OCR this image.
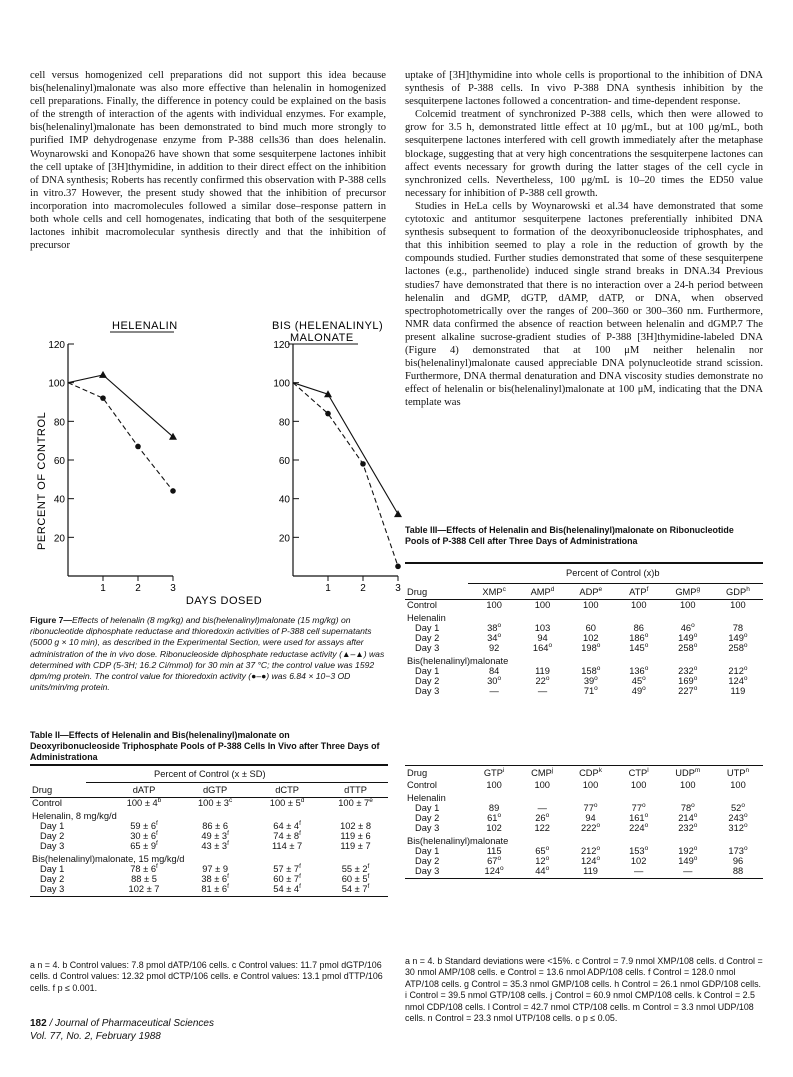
cell versus homogenized cell preparations did not support this idea because bis(helenalinyl)malonate was also more effective than helenalin in homogenized cell preparations. Finally, the difference in potency could be explained on the basis of the strength of interaction of the agents with individual enzymes. For example, bis(helenalinyl)malonate has been demonstrated to bind much more strongly to purified IMP dehydrogenase enzyme from P-388 cells36 than does helenalin. Woynarowski and Konopa26 have shown that some sesquiterpene lactones inhibit the cell uptake of [3H]thymidine, in addition to their direct effect on the inhibition of DNA synthesis; Roberts has recently confirmed this observation with P-388 cells in vitro.37 However, the present study showed that the inhibition of precursor incorporation into macromolecules followed a similar dose–response pattern in both whole cells and cell homogenates, indicating that both of the sesquiterpene lactones inhibit macromolecular synthesis directly and that the inhibition of precursor

HELENALIN	BIS (HELENALINYL)
MALONATE
PERCENT OF CONTROL 20
40
60
80
100
120
1	2	3
20
40
60
80
100
120
1	2	3
DAYS DOSED
Figure 7—Effects of helenalin (8 mg/kg) and bis(helenalinyl)malonate (15 mg/kg) on ribonucleotide diphosphate reductase and thioredoxin activities of P-388 cell supernatants (5000 g × 10 min), as described in the Experimental Section, were used for assays after administration of the in vivo dose. Ribonucleoside diphosphate reductase activity (▲–▲) was determined with CDP (5-3H; 16.2 Ci/mmol) for 30 min at 37 °C; the control value was 1592 dpm/mg protein. The control value for thioredoxin activity (●–●) was 6.84 × 10−3 OD units/min/mg protein.
Table II—Effects of Helenalin and Bis(helenalinyl)malonate on Deoxyribonucleoside Triphosphate Pools of P-388 Cells In Vivo after Three Days of Administrationa
Percent of Control (x ± SD)
Drug	dATP	dGTP	dCTP	dTTP
Control	$100 \pm 4^b$	$100 \pm 3^c$	$100 \pm 5^d$	$100 \pm 7^e$
Helenalin, 8 mg/kg/d				
Day 1	$59 \pm 6^f$	86 ± 6	$64 \pm 4^f$	102 ± 8
Day 2	$30 \pm 6^f$	$49 \pm 3^f$	$74 \pm 8^f$	119 ± 6
Day 3	$65 \pm 9^f$	$43 \pm 3^f$	114 ± 7	119 ± 7
Bis(helenalinyl)malonate, 15 mg/kg/d				
Day 1	$78 \pm 6^f$	97 ± 9	$57 \pm 7^f$	$55 \pm 2^f$
Day 2	88 ± 5	$38 \pm 6^f$	$60 \pm 7^f$	$60 \pm 5^f$
Day 3	102 ± 7	$81 \pm 6^f$	$54 \pm 4^f$	$54 \pm 7^f$
a n = 4. b Control values: 7.8 pmol dATP/106 cells. c Control values: 11.7 pmol dGTP/106 cells. d Control values: 12.32 pmol dCTP/106 cells. e Control values: 13.1 pmol dTTP/106 cells. f p ≤ 0.001.

uptake of [3H]thymidine into whole cells is proportional to the inhibition of DNA synthesis of P-388 cells. In vivo P-388 DNA synthesis inhibition by the sesquiterpene lactones followed a concentration- and time-dependent response.

Colcemid treatment of synchronized P-388 cells, which then were allowed to grow for 3.5 h, demonstrated little effect at 10 μg/mL, but at 100 μg/mL, both sesquiterpene lactones interfered with cell growth immediately after the metaphase blockage, suggesting that at very high concentrations the sesquiterpene lactones can affect events necessary for growth during the latter stages of the cell cycle in synchronized cells. Nevertheless, 100 μg/mL is 10–20 times the ED50 value necessary for inhibition of P-388 cell growth.

Studies in HeLa cells by Woynarowski et al.34 have demonstrated that some cytotoxic and antitumor sesquiterpene lactones preferentially inhibited DNA synthesis subsequent to formation of the deoxyribonucleoside triphosphates, and that this inhibition seemed to play a role in the reduction of growth by the compounds studied. Further studies demonstrated that some of these sesquiterpene lactones (e.g., parthenolide) induced single strand breaks in DNA.34 Previous studies7 have demonstrated that there is no interaction over a 24-h period between helenalin and dGMP, dGTP, dAMP, dATP, or DNA, when observed spectrophotometrically over the ranges of 200–360 or 300–360 nm. Furthermore, NMR data confirmed the absence of reaction between helenalin and dGMP.7 The present alkaline sucrose-gradient studies of P-388 [3H]thymidine-labeled DNA (Figure 4) demonstrated that at 100 μM neither helenalin nor bis(helenalinyl)malonate caused appreciable DNA polynucleotide strand scission. Furthermore, DNA thermal denaturation and DNA viscosity studies demonstrate no effect of helenalin or bis(helenalinyl)malonate at 100 μM, indicating that the DNA template was

Table III—Effects of Helenalin and Bis(helenalinyl)malonate on Ribonucleotide Pools of P-388 Cell after Three Days of Administrationa
Percent of Control (x)b
Drug	XMP$^c$	AMP$^d$	ADP$^e$	ATP$^f$	GMP$^g$	GDP$^h$
Control	100	100	100	100	100	100
Helenalin						
Day 1	38$^o$	103	60	86	46$^o$	78
Day 2	34$^o$	94	102	186$^o$	149$^o$	149$^o$
Day 3	92	164$^o$	198$^o$	145$^o$	258$^o$	258$^o$
Bis(helenalinyl)malonate						
Day 1	84	119	158$^o$	136$^o$	232$^o$	212$^o$
Day 2	30$^o$	22$^o$	39$^o$	45$^o$	169$^o$	124$^o$
Day 3	—	—	71$^o$	49$^o$	227$^o$	119
Drug	GTP$^i$	CMP$^j$	CDP$^k$	CTP$^l$	UDP$^m$	UTP$^n$
Control	100	100	100	100	100	100
Helenalin						
Day 1	89	—	77$^o$	77$^o$	78$^o$	52$^o$
Day 2	61$^o$	26$^o$	94	161$^o$	214$^o$	243$^o$
Day 3	102	122	222$^o$	224$^o$	232$^o$	312$^o$
Bis(helenalinyl)malonate						
Day 1	115	65$^o$	212$^o$	153$^o$	192$^o$	173$^o$
Day 2	67$^o$	12$^o$	124$^o$	102	149$^o$	96
Day 3	124$^o$	44$^o$	119	—	—	88
a n = 4. b Standard deviations were <15%. c Control = 7.9 nmol XMP/108 cells. d Control = 30 nmol AMP/108 cells. e Control = 13.6 nmol ADP/108 cells. f Control = 128.0 nmol ATP/108 cells. g Control = 35.3 nmol GMP/108 cells. h Control = 26.1 nmol GDP/108 cells. i Control = 39.5 nmol GTP/108 cells. j Control = 60.9 nmol CMP/108 cells. k Control = 2.5 nmol CDP/108 cells. l Control = 42.7 nmol CTP/108 cells. m Control = 3.3 nmol UDP/108 cells. n Control = 23.3 nmol UTP/108 cells. o p ≤ 0.05.
182 / Journal of Pharmaceutical Sciences
Vol. 77, No. 2, February 1988
